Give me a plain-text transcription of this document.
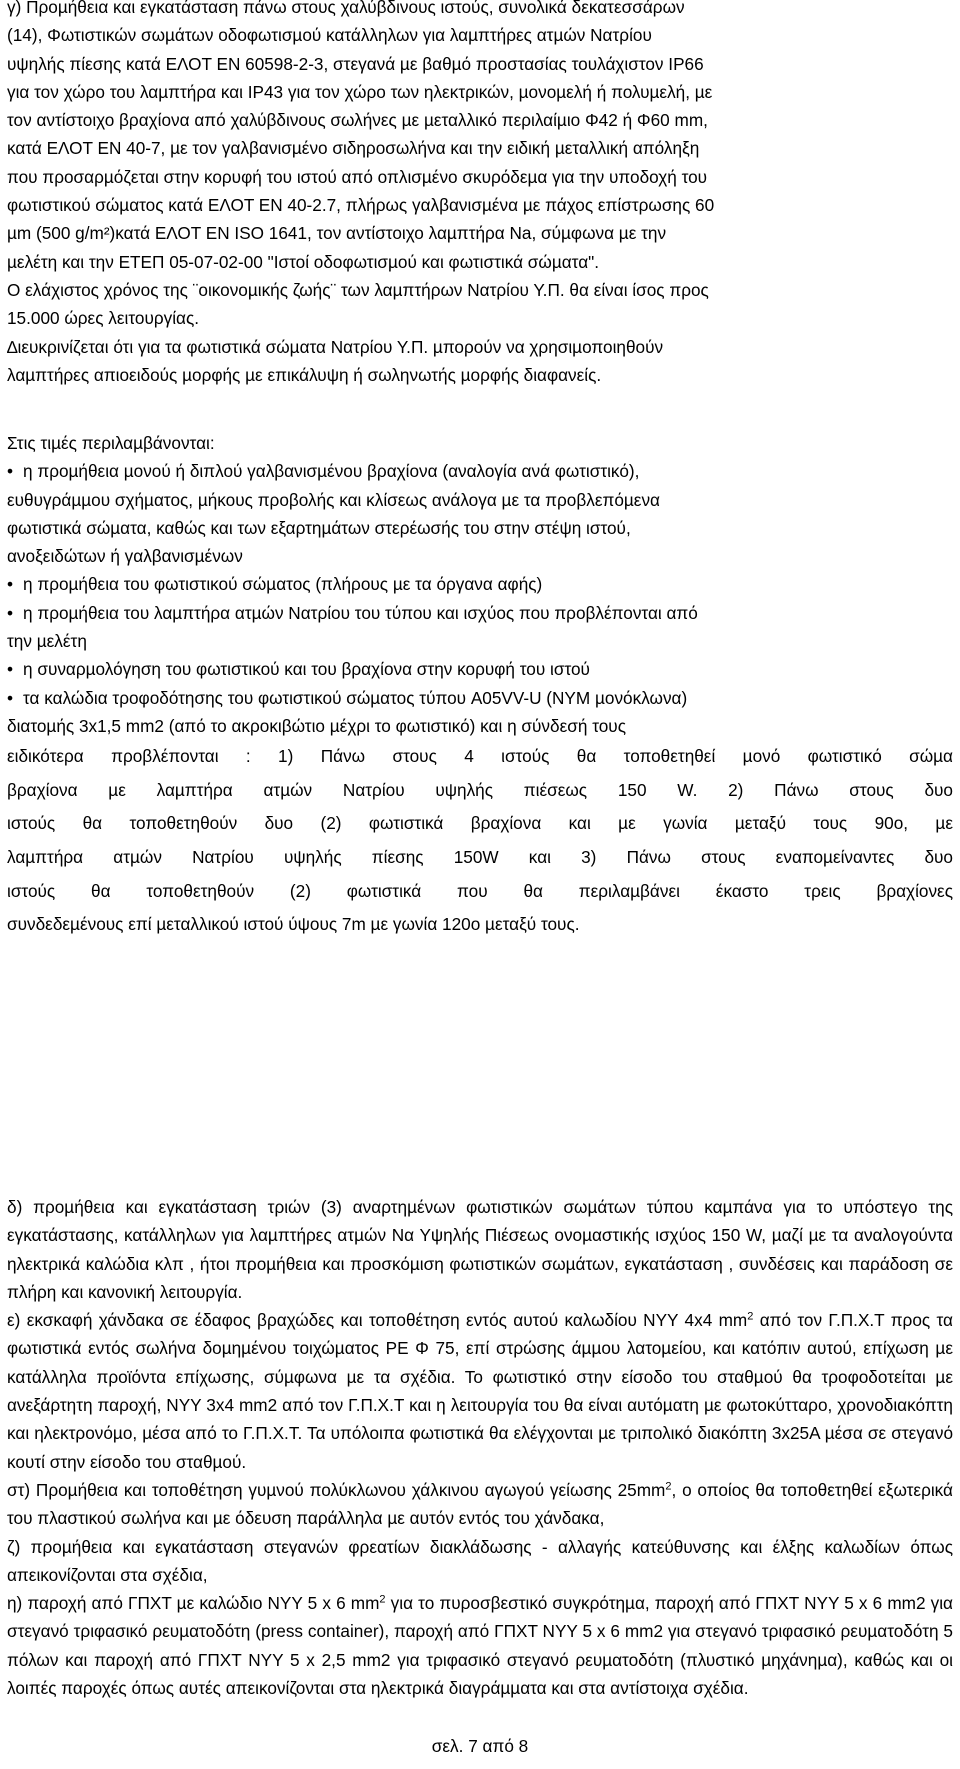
γ) Προµήθεια και εγκατάσταση πάνω στους χαλύβδινους ιστούς, συνολικά δεκατεσσάρων
(14), Φωτιστικών σωµάτων οδοφωτισµού κατάλληλων για λαµπτήρες ατµών Νατρίου
υψηλής πίεσης κατά ΕΛΟΤ ΕΝ 60598-2-3, στεγανά µε βαθµό προστασίας τουλάχιστον IP66
για τον χώρο του λαµπτήρα και IP43 για τον χώρο των ηλεκτρικών, µονοµελή ή πολυµελή, µε
τον αντίστοιχο βραχίονα από χαλύβδινους σωλήνες µε µεταλλικό περιλαίµιο Φ42 ή Φ60 mm,
κατά ΕΛΟΤ ΕΝ 40-7, µε τον γαλβανισµένο σιδηροσωλήνα και την ειδική µεταλλική απόληξη
που προσαρµόζεται στην κορυφή του ιστού από οπλισµένο σκυρόδεµα για την υποδοχή του
φωτιστικού σώµατος κατά ΕΛΟΤ ΕΝ 40-2.7, πλήρως γαλβανισµένα µε πάχος επίστρωσης 60
µm (500 g/m²)κατά ΕΛΟΤ ΕΝ ISO 1641, τον αντίστοιχο λαµπτήρα Na, σύµφωνα µε την
µελέτη και την ΕΤΕΠ 05-07-02-00 "Ιστοί οδοφωτισµού και φωτιστικά σώµατα".
Ο ελάχιστος χρόνος της ¨οικονοµικής ζωής¨ των λαµπτήρων Νατρίου Υ.Π. θα είναι ίσος προς
15.000 ώρες λειτουργίας.
∆ιευκρινίζεται ότι για τα φωτιστικά σώµατα Νατρίου Υ.Π. µπορούν να χρησιµοποιηθούν
λαµπτήρες απιοειδούς µορφής µε επικάλυψη ή σωληνωτής µορφής διαφανείς.
Στις τιµές περιλαµβάνονται:
• η προµήθεια µονού ή διπλού γαλβανισµένου βραχίονα (αναλογία ανά φωτιστικό),
ευθυγράµµου σχήµατος, µήκους προβολής και κλίσεως ανάλογα µε τα προβλεπόµενα
φωτιστικά σώµατα, καθώς και των εξαρτηµάτων στερέωσής του στην στέψη ιστού,
ανοξειδώτων ή γαλβανισµένων
• η προµήθεια του φωτιστικού σώµατος (πλήρους µε τα όργανα αφής)
• η προµήθεια του λαµπτήρα ατµών Νατρίου του τύπου και ισχύος που προβλέπονται από
την µελέτη
• η συναρµολόγηση του φωτιστικού και του βραχίονα στην κορυφή του ιστού
• τα καλώδια τροφοδότησης του φωτιστικού σώµατος τύπου A05VV-U (NYM µονόκλωνα)
διατοµής 3x1,5 mm2 (από το ακροκιβώτιο µέχρι το φωτιστικό) και η σύνδεσή τους
ειδικότερα προβλέπονται : 1) Πάνω στους 4 ιστούς θα τοποθετηθεί µονό φωτιστικό σώµα
βραχίονα µε λαµπτήρα ατµών Νατρίου υψηλής πιέσεως 150 W. 2) Πάνω στους δυο
ιστούς θα τοποθετηθούν δυο (2) φωτιστικά βραχίονα και µε γωνία µεταξύ τους 90ο, µε
λαµπτήρα ατµών Νατρίου υψηλής πίεσης 150W και 3) Πάνω στους εναποµείναντες δυο
ιστούς θα τοποθετηθούν (2) φωτιστικά που θα περιλαµβάνει έκαστο τρεις βραχίονες
συνδεδεµένους επί µεταλλικού ιστού ύψους 7m µε γωνία 120ο µεταξύ τους.
δ) προµήθεια και εγκατάσταση τριών (3) αναρτηµένων φωτιστικών σωµάτων τύπου καµπάνα για το υπόστεγο της εγκατάστασης, κατάλληλων για λαµπτήρες ατµών Να Υψηλής Πιέσεως ονοµαστικής ισχύος 150 W, µαζί µε τα αναλογούντα ηλεκτρικά καλώδια κλπ , ήτοι προµήθεια και προσκόµιση φωτιστικών σωµάτων, εγκατάσταση , συνδέσεις και παράδοση σε πλήρη και κανονική λειτουργία.
ε) εκσκαφή χάνδακα σε έδαφος βραχώδες και τοποθέτηση εντός αυτού καλωδίου ΝΥΥ 4x4 $mm^2$ από τον Γ.Π.Χ.Τ προς τα φωτιστικά εντός σωλήνα δοµηµένου τοιχώµατος PE Φ 75, επί στρώσης άµµου λατοµείου, και κατόπιν αυτού, επίχωση µε κατάλληλα προϊόντα επίχωσης, σύµφωνα µε τα σχέδια. Το φωτιστικό στην είσοδο του σταθµού θα τροφοδοτείται µε ανεξάρτητη παροχή, ΝΥΥ 3x4 mm2 από τον Γ.Π.Χ.Τ και η λειτουργία του θα είναι αυτόµατη µε φωτοκύτταρο, χρονοδιακόπτη και ηλεκτρονόµο, µέσα από το Γ.Π.Χ.Τ. Τα υπόλοιπα φωτιστικά θα ελέγχονται µε τριπολικό διακόπτη 3x25A µέσα σε στεγανό κουτί στην είσοδο του σταθµού.
στ) Προµήθεια και τοποθέτηση γυµνού πολύκλωνου χάλκινου αγωγού γείωσης $25mm^2$, ο οποίος θα τοποθετηθεί εξωτερικά του πλαστικού σωλήνα και µε όδευση παράλληλα µε αυτόν εντός του χάνδακα,
ζ) προµήθεια και εγκατάσταση στεγανών φρεατίων διακλάδωσης - αλλαγής κατεύθυνσης και έλξης καλωδίων όπως απεικονίζονται στα σχέδια,
η) παροχή από ΓΠΧΤ µε καλώδιο NYY 5 x 6 $mm^2$ για το πυροσβεστικό συγκρότηµα, παροχή από ΓΠΧΤ NYY 5 x 6 mm2 για στεγανό τριφασικό ρευµατοδότη (press container), παροχή από ΓΠΧΤ NYY 5 x 6 mm2 για στεγανό τριφασικό ρευµατοδότη 5 πόλων και παροχή από ΓΠΧΤ NYY 5 x 2,5 mm2 για τριφασικό στεγανό ρευµατοδότη (πλυστικό µηχάνηµα), καθώς και οι λοιπές παροχές όπως αυτές απεικονίζονται στα ηλεκτρικά διαγράµµατα και στα αντίστοιχα σχέδια.
σελ. 7 από 8
